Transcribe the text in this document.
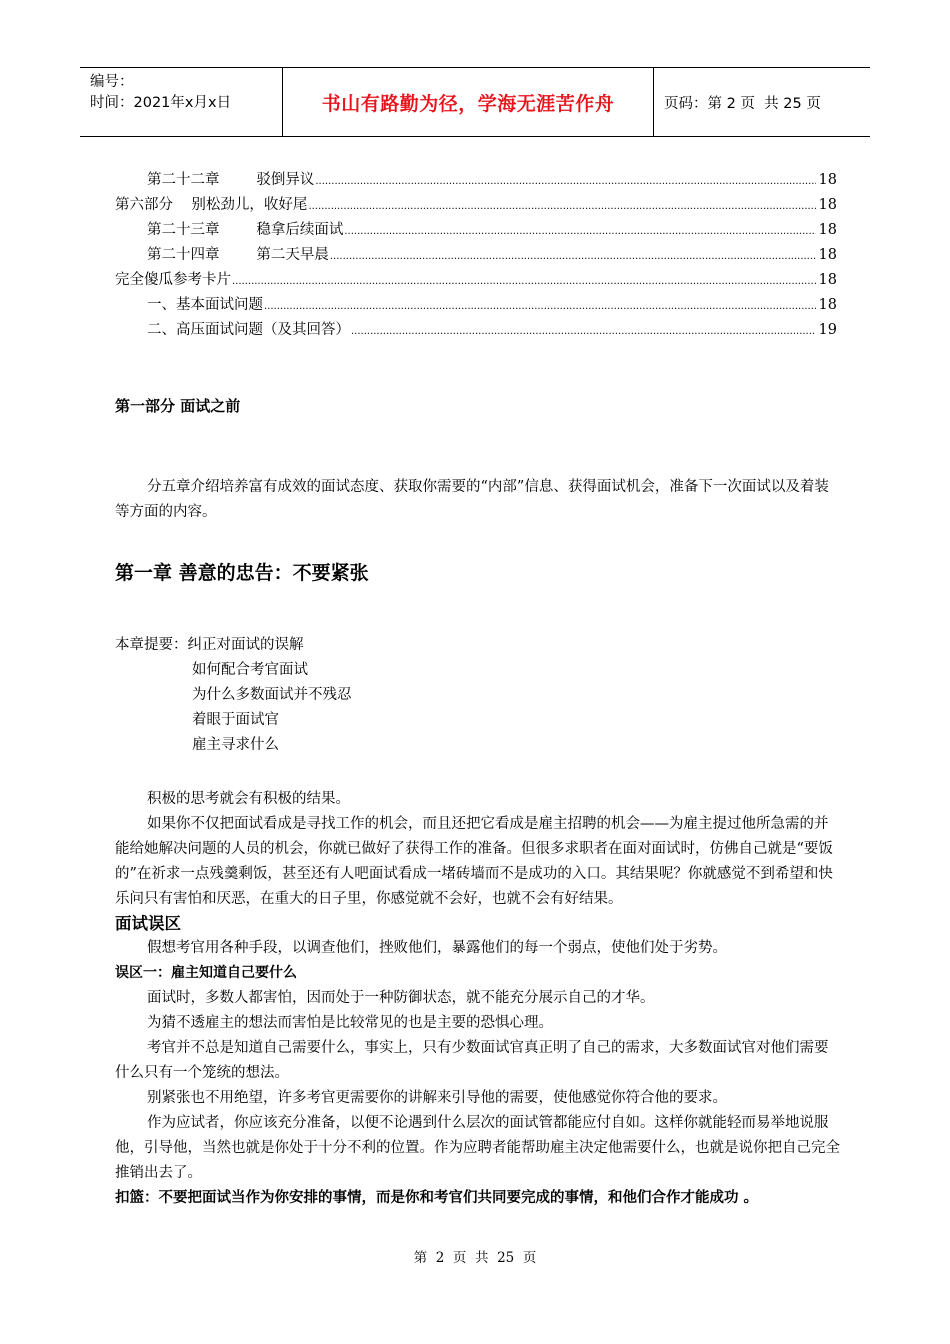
编号：
时间：2021年x月x日	书山有路勤为径，学海无涯苦作舟	页码：第 2 页  共 25 页
第二十二章        驳倒异议 .....	18
第六部分    别松劲儿，收好尾 .....	18
第二十三章        稳拿后续面试 .....	18
第二十四章        第二天早晨 .....	18
完全傻瓜参考卡片 .....	18
一、基本面试问题 .....	18
二、高压面试问题（及其回答） .....	19
第一部分 面试之前

分五章介绍培养富有成效的面试态度、获取你需要的“内部”信息、获得面试机会，准备下一次面试以及着装等方面的内容。

第一章 善意的忠告：不要紧张
本章提要：纠正对面试的误解
如何配合考官面试
为什么多数面试并不残忍
着眼于面试官
雇主寻求什么

积极的思考就会有积极的结果。

如果你不仅把面试看成是寻找工作的机会，而且还把它看成是雇主招聘的机会——为雇主提过他所急需的并能给她解决问题的人员的机会，你就已做好了获得工作的准备。但很多求职者在面对面试时，仿佛自己就是“要饭的”在祈求一点残羹剩饭，甚至还有人吧面试看成一堵砖墙而不是成功的入口。其结果呢？你就感觉不到希望和快乐问只有害怕和厌恶，在重大的日子里，你感觉就不会好，也就不会有好结果。

面试误区

假想考官用各种手段，以调查他们，挫败他们，暴露他们的每一个弱点，使他们处于劣势。

误区一：雇主知道自己要什么

面试时，多数人都害怕，因而处于一种防御状态，就不能充分展示自己的才华。

为猜不透雇主的想法而害怕是比较常见的也是主要的恐惧心理。

考官并不总是知道自己需要什么，事实上，只有少数面试官真正明了自己的需求，大多数面试官对他们需要什么只有一个笼统的想法。

别紧张也不用绝望，许多考官更需要你的讲解来引导他的需要，使他感觉你符合他的要求。

作为应试者，你应该充分准备，以便不论遇到什么层次的面试管都能应付自如。这样你就能轻而易举地说服他，引导他，当然也就是你处于十分不利的位置。作为应聘者能帮助雇主决定他需要什么，也就是说你把自己完全推销出去了。

扣篮：不要把面试当作为你安排的事情，而是你和考官们共同要完成的事情，和他们合作才能成功 。

第  2  页  共  25  页
